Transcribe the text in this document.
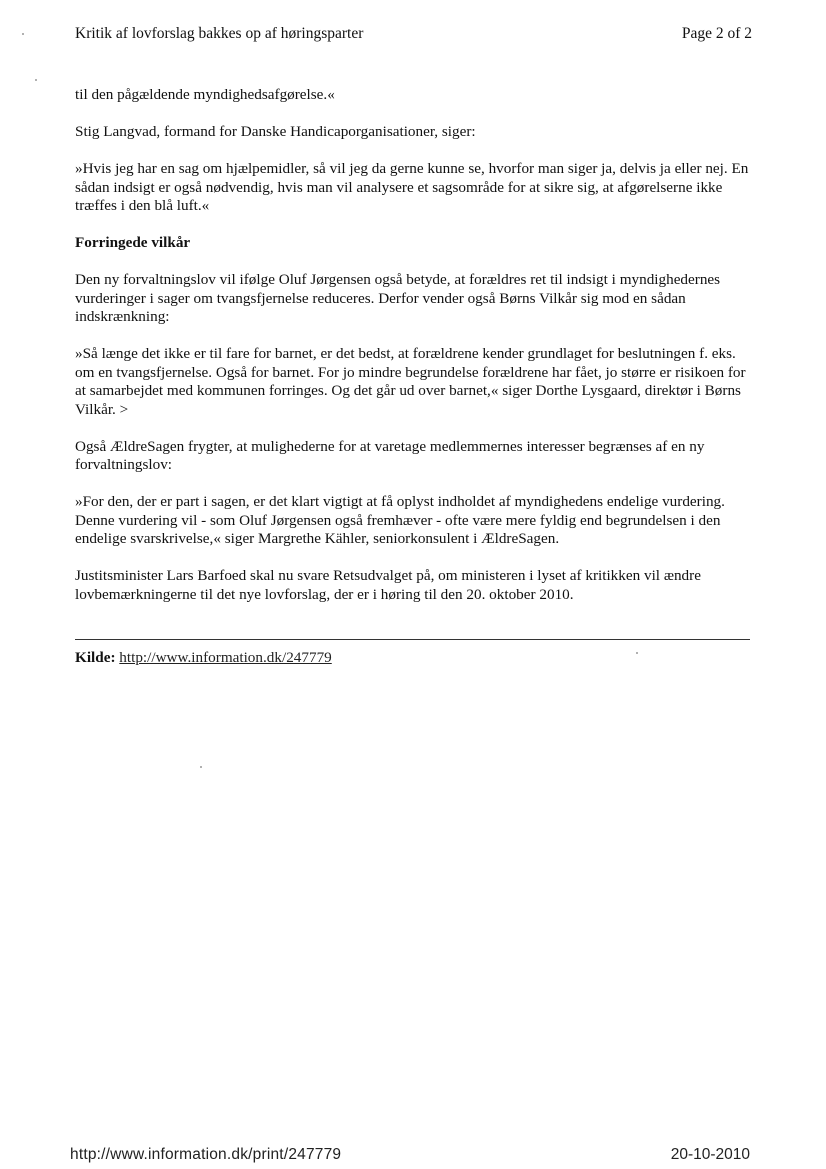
Kritik af lovforslag bakkes op af høringsparter	Page 2 of 2

til den pågældende myndighedsafgørelse.«

Stig Langvad, formand for Danske Handicaporganisationer, siger:

»Hvis jeg har en sag om hjælpemidler, så vil jeg da gerne kunne se, hvorfor man siger ja, delvis ja eller nej. En sådan indsigt er også nødvendig, hvis man vil analysere et sagsområde for at sikre sig, at afgørelserne ikke træffes i den blå luft.«

Forringede vilkår

Den ny forvaltningslov vil ifølge Oluf Jørgensen også betyde, at forældres ret til indsigt i myndighedernes vurderinger i sager om tvangsfjernelse reduceres. Derfor vender også Børns Vilkår sig mod en sådan indskrænkning:

»Så længe det ikke er til fare for barnet, er det bedst, at forældrene kender grundlaget for beslutningen f. eks. om en tvangsfjernelse. Også for barnet. For jo mindre begrundelse forældrene har fået, jo større er risikoen for at samarbejdet med kommunen forringes. Og det går ud over barnet,« siger Dorthe Lysgaard, direktør i Børns Vilkår. >

Også ÆldreSagen frygter, at mulighederne for at varetage medlemmernes interesser begrænses af en ny forvaltningslov:

»For den, der er part i sagen, er det klart vigtigt at få oplyst indholdet af myndighedens endelige vurdering. Denne vurdering vil - som Oluf Jørgensen også fremhæver - ofte være mere fyldig end begrundelsen i den endelige svarskrivelse,« siger Margrethe Kähler, seniorkonsulent i ÆldreSagen.

Justitsminister Lars Barfoed skal nu svare Retsudvalget på, om ministeren i lyset af kritikken vil ændre lovbemærkningerne til det nye lovforslag, der er i høring til den 20. oktober 2010.

Kilde: http://www.information.dk/247779
http://www.information.dk/print/247779	20-10-2010
